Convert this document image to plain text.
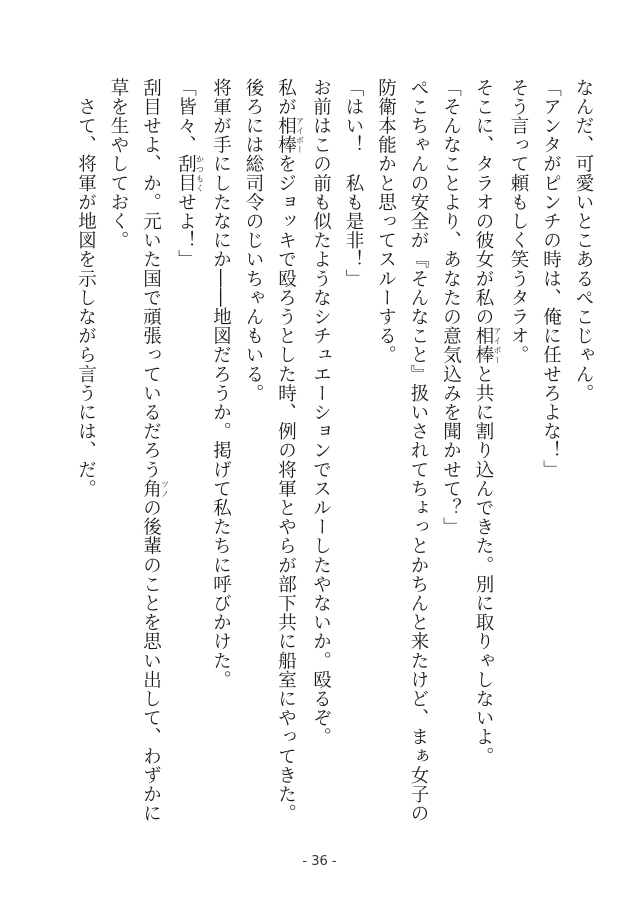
なんだ、可愛いとこあるぺこじゃん。
「アンタがピンチの時は、俺に任せろよな！」
そう言って頼もしく笑うタラオ。
そこに、タラオの彼女が私の相棒 アイボーと共に割り込んできた。別に取りゃしないよ。
「そんなことより、あなたの意気込みを聞かせて？」
ぺこちゃんの安全が『そんなこと』扱いされてちょっとかちんと来たけど、まぁ女子の
防衛本能かと思ってスルーする。
「はい！　私も是非！」
お前はこの前も似たようなシチュエーションでスルーしたやないか。殴るぞ。
私が相棒 アイボーをジョッキで殴ろうとした時、例の将軍とやらが部下共に船室にやってきた。
後ろには総司令のじいちゃんもいる。
将軍が手にしたなにか――地図だろうか。掲げて私たちに呼びかけた。
「皆々、刮目 かつもくせよ！」
刮目せよ、か。元いた国で頑張っているだろう角 ツノの後輩のことを思い出して、わずかに
草を生やしておく。
　さて、将軍が地図を示しながら言うには、だ。
- 36 -
